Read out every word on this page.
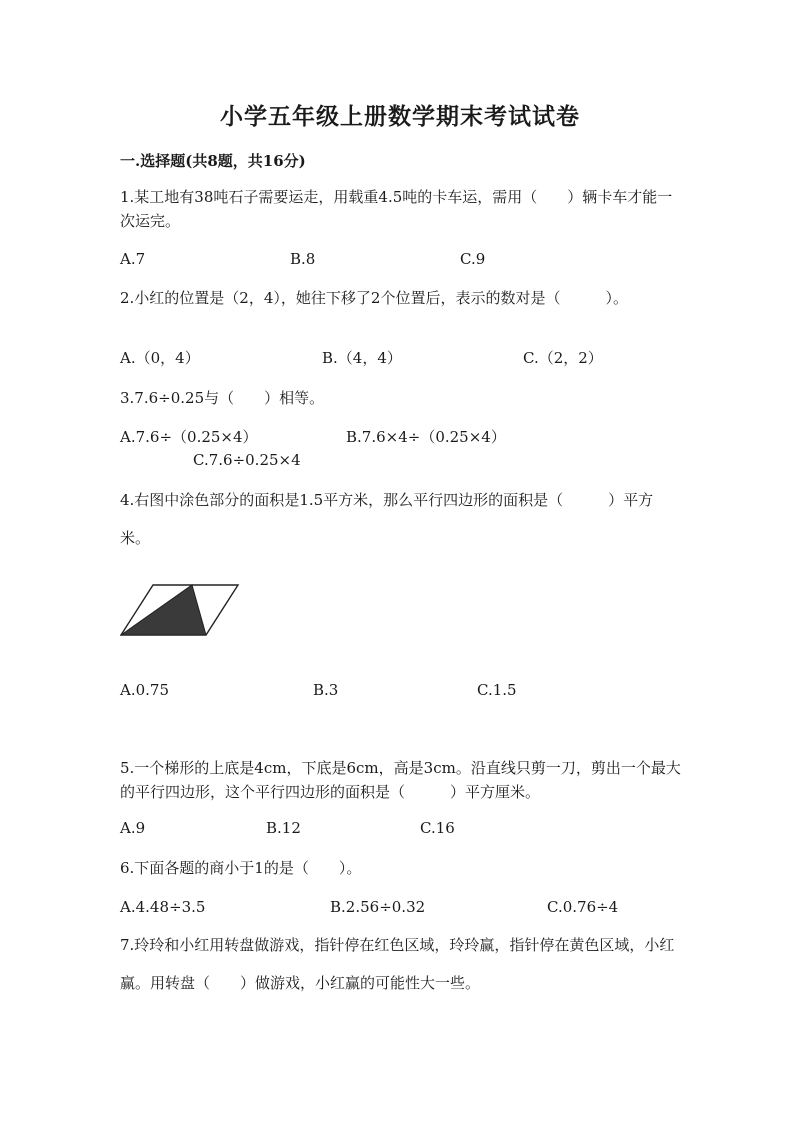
小学五年级上册数学期末考试试卷
一.选择题(共8题，共16分)

1.某工地有38吨石子需要运走，用载重4.5吨的卡车运，需用（　　）辆卡车才能一次运完。

A.7	B.8	C.9

2.小红的位置是（2，4），她往下移了2个位置后，表示的数对是（　　　）。

A.（0，4）	B.（4，4）	C.（2，2）

3.7.6÷0.25与（　　）相等。

A.7.6÷（0.25×4）	B.7.6×4÷（0.25×4）
C.7.6÷0.25×4

4.右图中涂色部分的面积是1.5平方米，那么平行四边形的面积是（　　　）平方米。

A.0.75	B.3	C.1.5

5.一个梯形的上底是4cm，下底是6cm，高是3cm。沿直线只剪一刀，剪出一个最大的平行四边形，这个平行四边形的面积是（　　　）平方厘米。

A.9	B.12	C.16

6.下面各题的商小于1的是（　　）。

A.4.48÷3.5	B.2.56÷0.32	C.0.76÷4

7.玲玲和小红用转盘做游戏，指针停在红色区域，玲玲赢，指针停在黄色区域，小红赢。用转盘（　　）做游戏，小红赢的可能性大一些。
